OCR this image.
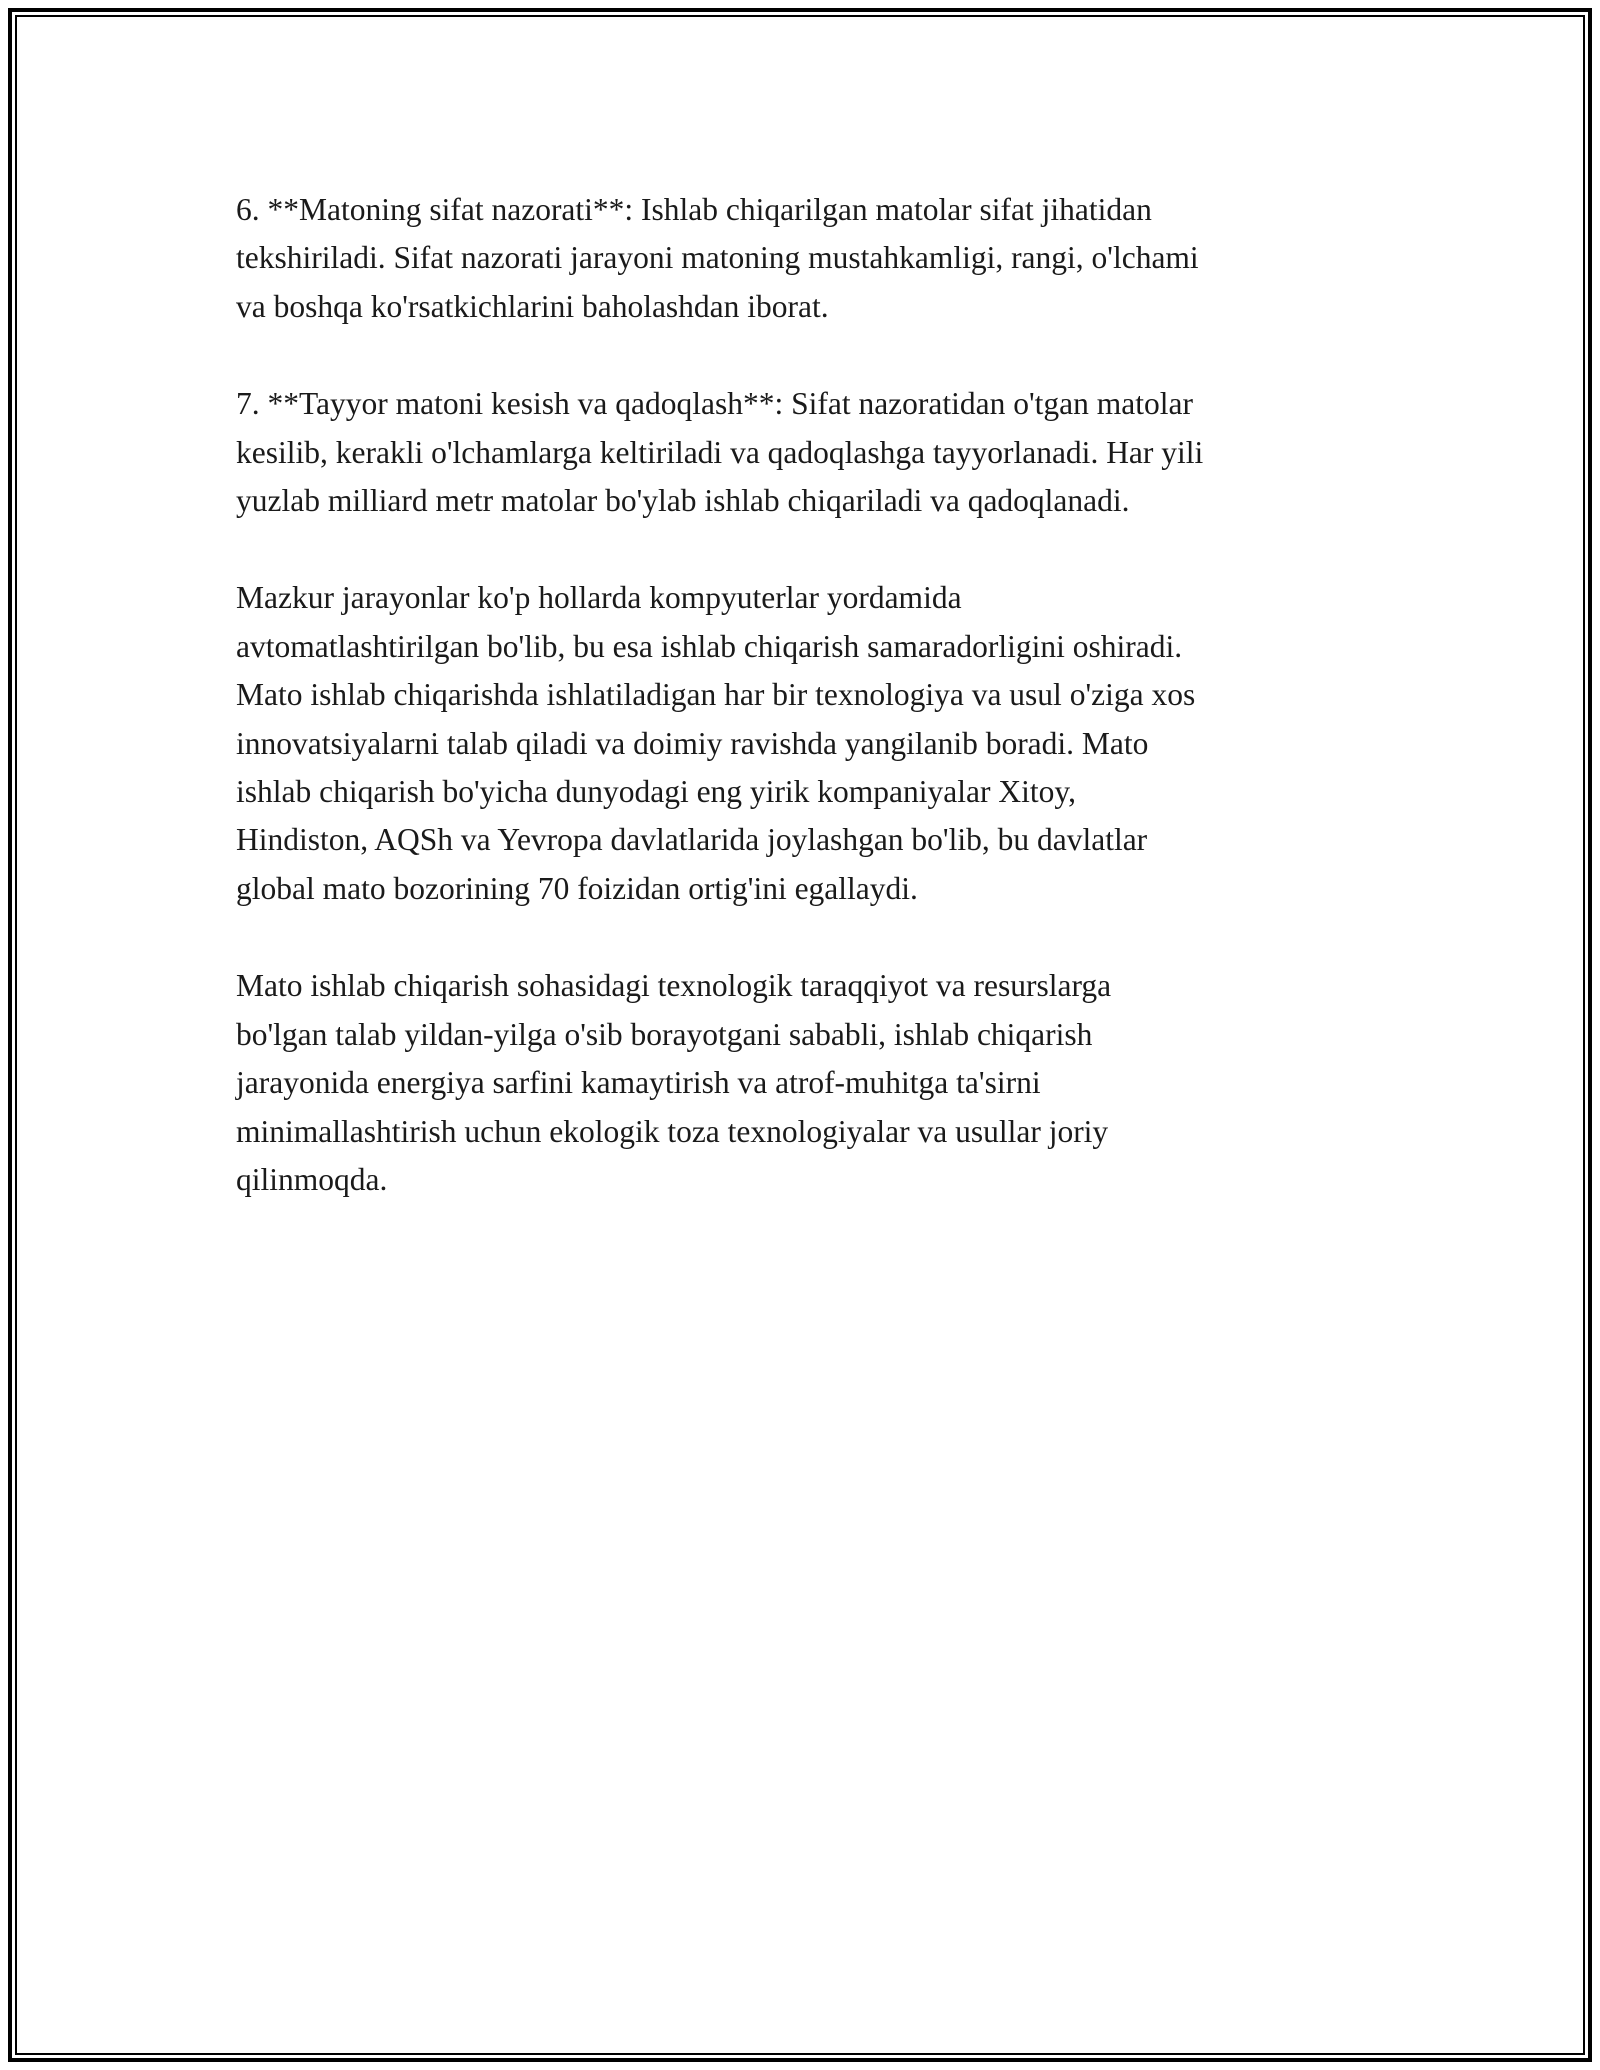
6. **Matoning sifat nazorati**: Ishlab chiqarilgan matolar sifat jihatidan
tekshiriladi. Sifat nazorati jarayoni matoning mustahkamligi, rangi, o'lchami
va boshqa ko'rsatkichlarini baholashdan iborat.

7. **Tayyor matoni kesish va qadoqlash**: Sifat nazoratidan o'tgan matolar
kesilib, kerakli o'lchamlarga keltiriladi va qadoqlashga tayyorlanadi. Har yili
yuzlab milliard metr matolar bo'ylab ishlab chiqariladi va qadoqlanadi.

Mazkur jarayonlar ko'p hollarda kompyuterlar yordamida
avtomatlashtirilgan bo'lib, bu esa ishlab chiqarish samaradorligini oshiradi.
Mato ishlab chiqarishda ishlatiladigan har bir texnologiya va usul o'ziga xos
innovatsiyalarni talab qiladi va doimiy ravishda yangilanib boradi. Mato
ishlab chiqarish bo'yicha dunyodagi eng yirik kompaniyalar Xitoy,
Hindiston, AQSh va Yevropa davlatlarida joylashgan bo'lib, bu davlatlar
global mato bozorining 70 foizidan ortig'ini egallaydi.

Mato ishlab chiqarish sohasidagi texnologik taraqqiyot va resurslarga
bo'lgan talab yildan-yilga o'sib borayotgani sababli, ishlab chiqarish
jarayonida energiya sarfini kamaytirish va atrof-muhitga ta'sirni
minimallashtirish uchun ekologik toza texnologiyalar va usullar joriy
qilinmoqda.
